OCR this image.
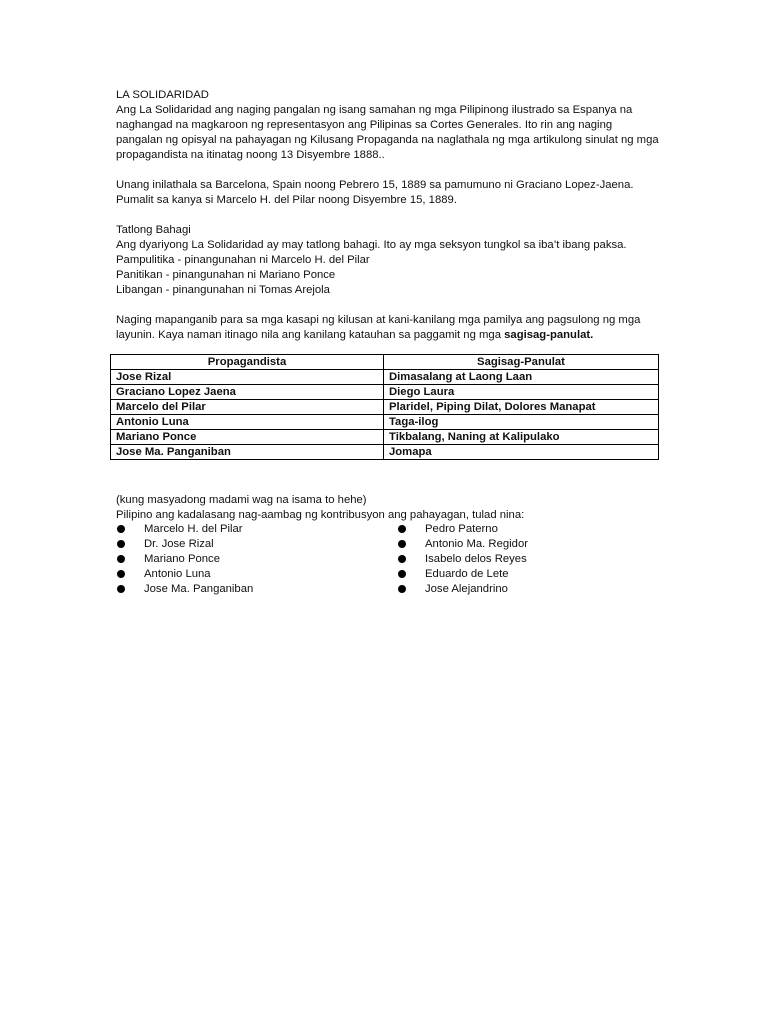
LA SOLIDARIDAD

Ang La Solidaridad ang naging pangalan ng isang samahan ng mga Pilipinong ilustrado sa Espanya na naghangad na magkaroon ng representasyon ang Pilipinas sa Cortes Generales. Ito rin ang naging pangalan ng opisyal na pahayagan ng Kilusang Propaganda na naglathala ng mga artikulong sinulat ng mga propagandista na itinatag noong 13 Disyembre 1888..

Unang inilathala sa Barcelona, Spain noong Pebrero 15, 1889 sa pamumuno ni Graciano Lopez-Jaena. Pumalit sa kanya si Marcelo H. del Pilar noong Disyembre 15, 1889.

Tatlong Bahagi

Ang dyariyong La Solidaridad ay may tatlong bahagi. Ito ay mga seksyon tungkol sa iba’t ibang paksa.

Pampulitika - pinangunahan ni Marcelo H. del Pilar

Panitikan - pinangunahan ni Mariano Ponce

Libangan - pinangunahan ni Tomas Arejola

Naging mapanganib para sa mga kasapi ng kilusan at kani-kanilang mga pamilya ang pagsulong ng mga layunin. Kaya naman itinago nila ang kanilang katauhan sa paggamit ng mga sagisag-panulat.

Propagandista	Sagisag-Panulat
Jose Rizal	Dimasalang at Laong Laan
Graciano Lopez Jaena	Diego Laura
Marcelo del Pilar	Plaridel, Piping Dilat, Dolores Manapat
Antonio Luna	Taga-ilog
Mariano Ponce	Tikbalang, Naning at Kalipulako
Jose Ma. Panganiban	Jomapa

(kung masyadong madami wag na isama to hehe)

Pilipino ang kadalasang nag-aambag ng kontribusyon ang pahayagan, tulad nina:

Marcelo H. del Pilar
Dr. Jose Rizal
Mariano Ponce
Antonio Luna
Jose Ma. Panganiban
Pedro Paterno
Antonio Ma. Regidor
Isabelo delos Reyes
Eduardo de Lete
Jose Alejandrino
